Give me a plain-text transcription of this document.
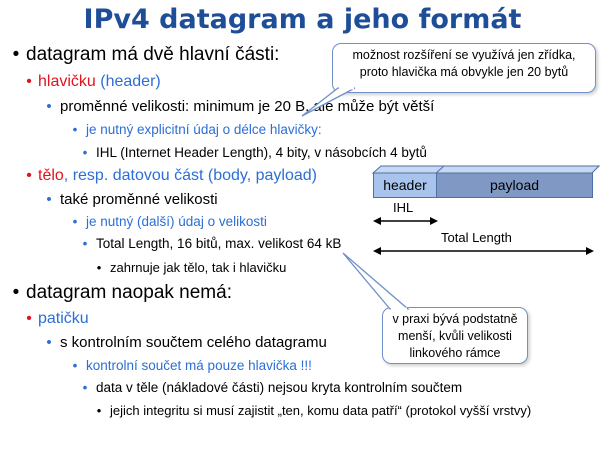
IPv4 datagram a jeho formát
• datagram má dvě hlavní části:
• hlavičku (header)
• proměnné velikosti: minimum je 20 B, ale může být větší
• je nutný explicitní údaj o délce hlavičky:
• IHL (Internet Header Length), 4 bity, v násobcích 4 bytů
• tělo, resp. datovou část (body, payload)
• také proměnné velikosti
• je nutný (další) údaj o velikosti
• Total Length, 16 bitů, max. velikost 64 kB
• zahrnuje jak tělo, tak i hlavičku
• datagram naopak nemá:
• patičku
• s kontrolním součtem celého datagramu
• kontrolní součet má pouze hlavička !!!
• data v těle (nákladové části) nejsou kryta kontrolním součtem
• jejich integritu si musí zajistit „ten, komu data patří“ (protokol vyšší vrstvy)
možnost rozšíření se využívá jen zřídka,
proto hlavička má obvykle jen 20 bytů
header	payload
IHL
Total Length
v praxi bývá podstatně
menší, kvůli velikosti
linkového rámce
